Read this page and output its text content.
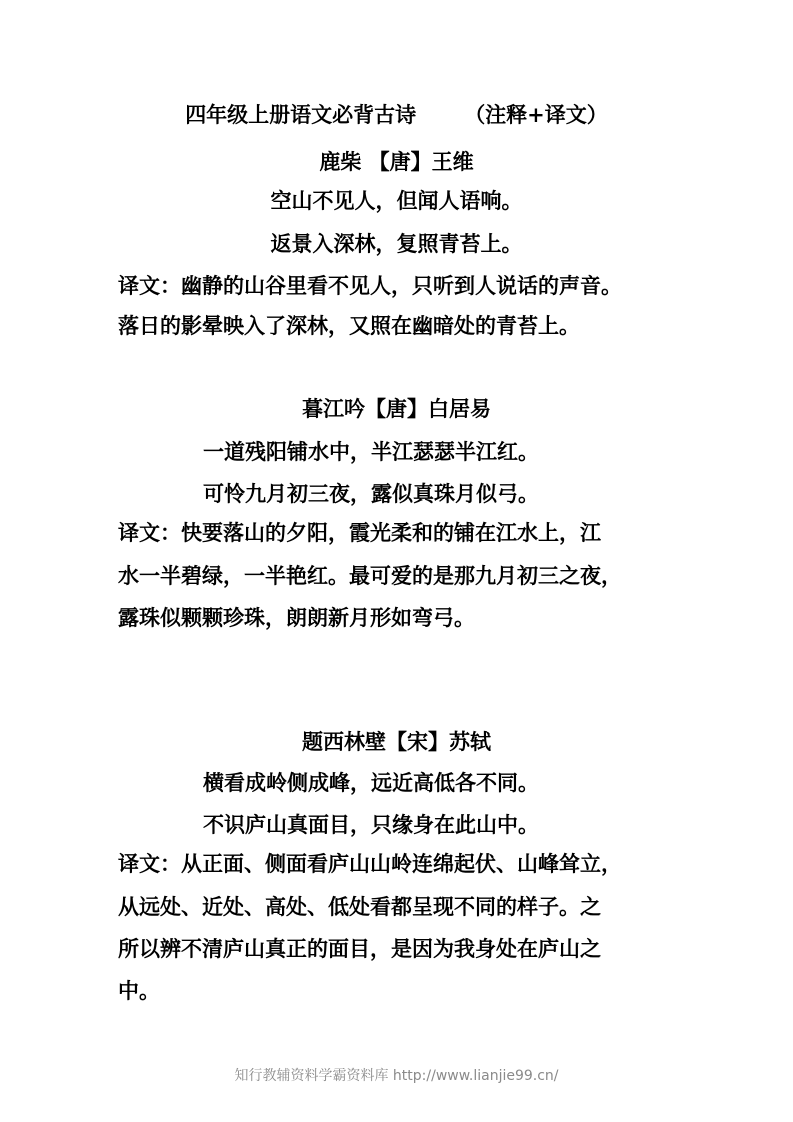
四年级上册语文必背古诗 （注释+译文）
鹿柴 【唐】王维
空山不见人，但闻人语响。
返景入深林，复照青苔上。
译文：幽静的山谷里看不见人，只听到人说话的声音。
落日的影晕映入了深林，又照在幽暗处的青苔上。
暮江吟【唐】白居易
一道残阳铺水中，半江瑟瑟半江红。
可怜九月初三夜，露似真珠月似弓。
译文：快要落山的夕阳，霞光柔和的铺在江水上，江
水一半碧绿，一半艳红。最可爱的是那九月初三之夜，
露珠似颗颗珍珠，朗朗新月形如弯弓。
题西林壁【宋】苏轼
横看成岭侧成峰，远近高低各不同。
不识庐山真面目，只缘身在此山中。
译文：从正面、侧面看庐山山岭连绵起伏、山峰耸立，
从远处、近处、高处、低处看都呈现不同的样子。之
所以辨不清庐山真正的面目，是因为我身处在庐山之
中。
知行教辅资料学霸资料库 http://www.lianjie99.cn/
